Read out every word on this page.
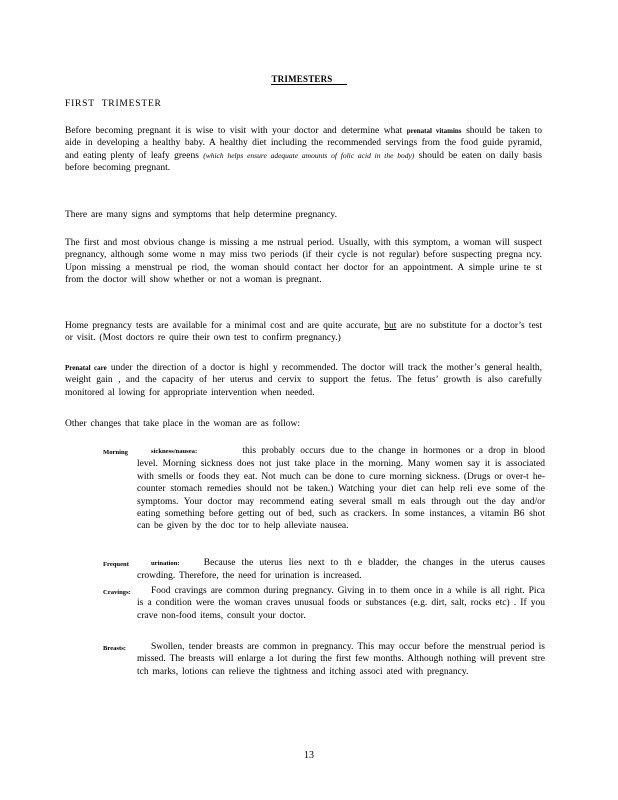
TRIMESTERS
FIRST TRIMESTER
Before becoming pregnant it is wise to visit with your doctor and determine what prenatal vitamins should be taken to aide in developing a healthy baby. A healthy diet including the recommended servings from the food guide pyramid, and eating plenty of leafy greens (which helps ensure adequate amounts of folic acid in the body) should be eaten on daily basis before becoming pregnant.
There are many signs and symptoms that help determine pregnancy.
The first and most obvious change is missing a me nstrual period. Usually, with this symptom, a woman will suspect pregnancy, although some wome n may miss two periods (if their cycle is not regular) before suspecting pregna ncy. Upon missing a menstrual pe riod, the woman should contact her doctor for an appointment. A simple urine te st from the doctor will show whether or not a woman is pregnant.
Home pregnancy tests are available for a minimal cost and are quite accurate, but are no substitute for a doctor’s test or visit. (Most doctors re quire their own test to confirm pregnancy.)
Prenatal care under the direction of a doctor is highl y recommended. The doctor will track the mother’s general health, weight gain , and the capacity of her uterus and cervix to support the fetus. The fetus’ growth is also carefully monitored al lowing for appropriate intervention when needed.
Other changes that take place in the woman are as follow:
Morning	sickness/nausea:	this probably occurs due to the change in hormones or a drop in blood level. Morning sickness does not just take place in the morning. Many women say it is associated with smells or foods they eat. Not much can be done to cure morning sickness. (Drugs or over-t he-counter stomach remedies should not be taken.) Watching your diet can help reli eve some of the symptoms. Your doctor may recommend eating several small m eals through out the day and/or eating something before getting out of bed, such as crackers. In some instances, a vitamin B6 shot can be given by the doc tor to help alleviate nausea.
Frequent	urination:	Because the uterus lies next to th e bladder, the changes in the uterus causes crowding. Therefore, the need for urination is increased.
Cravings:	Food cravings are common during pregnancy. Giving in to them once in a while is all right. Pica is a condition were the woman craves unusual foods or substances (e.g. dirt, salt, rocks etc) . If you crave non-food items, consult your doctor.
Breasts:	Swollen, tender breasts are common in pregnancy. This may occur before the menstrual period is missed. The breasts will enlarge a lot during the first few months. Although nothing will prevent stre tch marks, lotions can relieve the tightness and itching associ ated with pregnancy.
13
